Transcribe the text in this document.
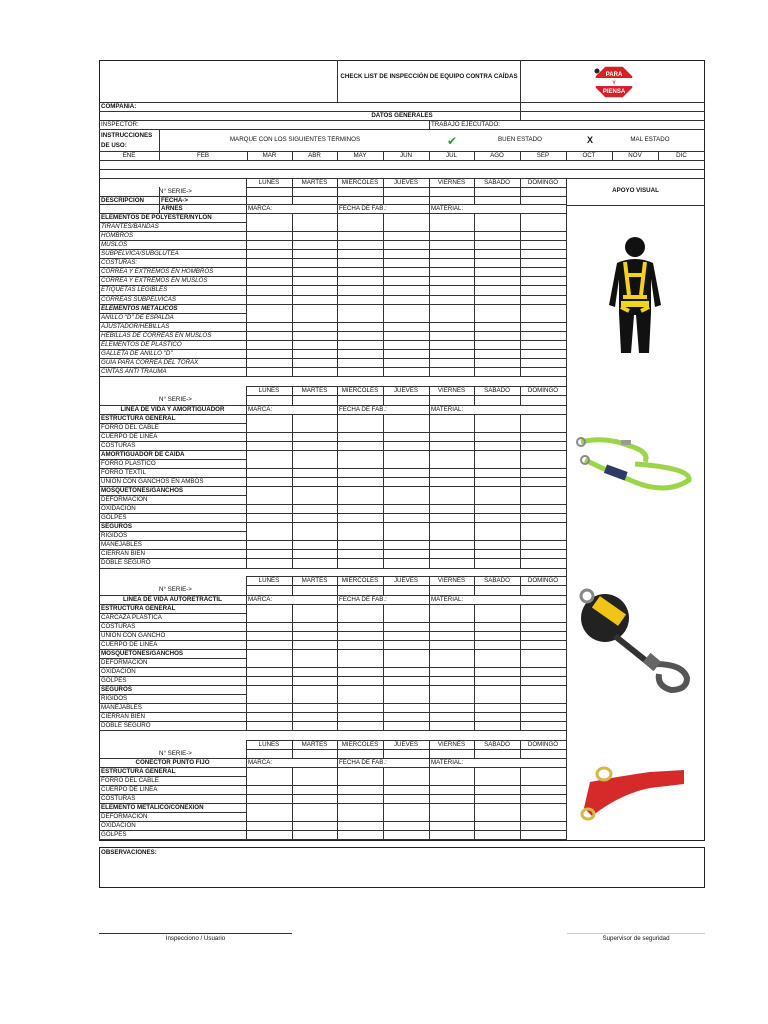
OBSERVACIONES:
CHECK LIST DE INSPECCIÓN DE EQUIPO CONTRA CAÍDAS	PARA
Y
PIENSA
COMPAÑIA:
DATOS GENERALES
INSPECTOR:	TRABAJO EJECUTADO:
INSTRUCCIONES DE USO:
MARQUE CON LOS SIGUIENTES TÉRMINOS	✔	BUEN ESTADO	X	MAL ESTADO
ENE	FEB	MAR	ABR	MAY	JUN	JUL	AGO	SEP	OCT	NOV	DIC
LUNES	MARTES	MIERCOLES	JUEVES	VIERNES	SABADO	DOMINGO
N° SERIE->
DESCRIPCIÓN	FECHA->
ARNES	MARCA:	FECHA DE FAB.:	MATERIAL:
ELEMENTOS DE POLYESTER/NYLON
TIRANTES/BANDAS
HOMBROS
MUSLOS
SUBPELVICA/SUBGLUTEA
COSTURAS:
CORREA Y EXTREMOS EN HOMBROS
CORREA Y EXTREMOS EN MUSLOS
ETIQUETAS LEGIBLES
CORREAS SUBPELVICAS
ELEMENTOS METÁLICOS
ANILLO "D" DE ESPALDA
AJUSTADOR/HEBILLAS
HEBILLAS DE CORREAS EN MUSLOS
ELEMENTOS DE PLÁSTICO
GALLETA DE ANILLO "D"
GUIA PARA CORREA DEL TORAX
CINTAS ANTI TRAUMA
LUNES	MARTES	MIERCOLES	JUEVES	VIERNES	SABADO	DOMINGO
N° SERIE->
LINEA DE VIDA Y AMORTIGUADOR	MARCA:	FECHA DE FAB.:	MATERIAL:
ESTRUCTURA GENERAL
FORRO DEL CABLE
CUERPO DE LINEA
COSTURAS
AMORTIGUADOR DE CAÍDA
FORRO PLASTICO
FORRO TEXTIL
UNION CON GANCHOS EN AMBOS
MOSQUETONES/GANCHOS
DEFORMACIÓN
OXIDACIÓN
GOLPES
SEGUROS
RIGIDOS
MANEJABLES
CIERRAN BIEN
DOBLE SEGURO
LUNES	MARTES	MIERCOLES	JUEVES	VIERNES	SABADO	DOMINGO
N° SERIE->
LINEA DE VIDA AUTORETRÁCTIL	MARCA:	FECHA DE FAB.:	MATERIAL:
ESTRUCTURA GENERAL
CARCAZA PLÁSTICA
COSTURAS
UNION CON GANCHO
CUERPO DE LINEA
MOSQUETONES/GANCHOS
DEFORMACIÓN
OXIDACIÓN
GOLPES
SEGUROS
RIGIDOS
MANEJABLES
CIERRAN BIEN
DOBLE SEGURO
LUNES	MARTES	MIERCOLES	JUEVES	VIERNES	SABADO	DOMINGO
N° SERIE->
CONECTOR PUNTO FIJO	MARCA:	FECHA DE FAB.:	MATERIAL:
ESTRUCTURA GENERAL
FORRO DEL CABLE
CUERPO DE LINEA
COSTURAS
ELEMENTO METALICO/CONEXION
DEFORMACIÓN
OXIDACIÓN
GOLPES
APOYO VISUAL
Inspecciono / Usuario	Supervisor de seguridad
